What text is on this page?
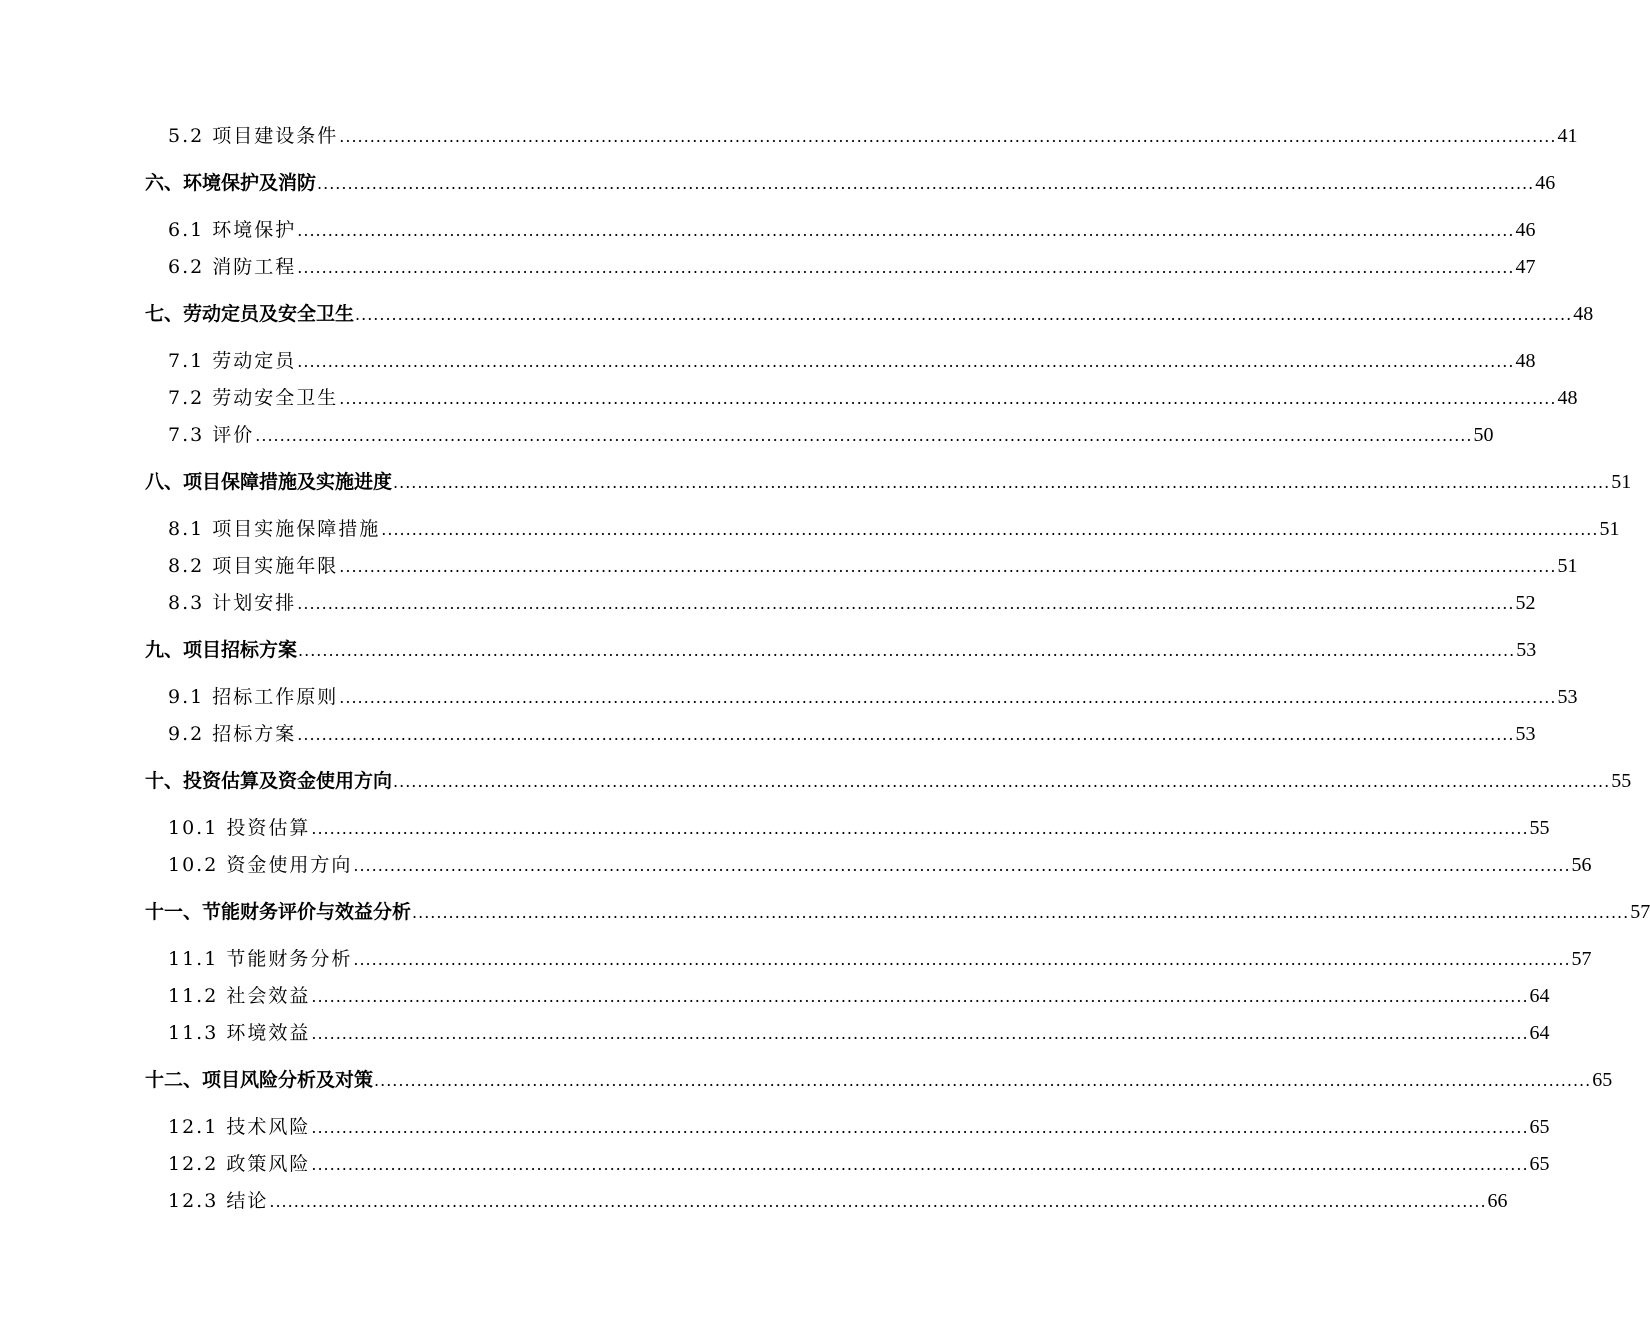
5.2 项目建设条件 ........................................................................................................................................................................................................ 41
六、环境保护及消防 ........................................................................................................................................................................................................ 46
6.1 环境保护 ........................................................................................................................................................................................................ 46
6.2 消防工程 ........................................................................................................................................................................................................ 47
七、劳动定员及安全卫生 ........................................................................................................................................................................................................ 48
7.1 劳动定员 ........................................................................................................................................................................................................ 48
7.2 劳动安全卫生 ........................................................................................................................................................................................................ 48
7.3 评价 ........................................................................................................................................................................................................ 50
八、项目保障措施及实施进度 ........................................................................................................................................................................................................ 51
8.1 项目实施保障措施 ........................................................................................................................................................................................................ 51
8.2 项目实施年限 ........................................................................................................................................................................................................ 51
8.3 计划安排 ........................................................................................................................................................................................................ 52
九、项目招标方案 ........................................................................................................................................................................................................ 53
9.1 招标工作原则 ........................................................................................................................................................................................................ 53
9.2 招标方案 ........................................................................................................................................................................................................ 53
十、投资估算及资金使用方向 ........................................................................................................................................................................................................ 55
10.1 投资估算 ........................................................................................................................................................................................................ 55
10.2 资金使用方向 ........................................................................................................................................................................................................ 56
十一、节能财务评价与效益分析 ........................................................................................................................................................................................................ 57
11.1 节能财务分析 ........................................................................................................................................................................................................ 57
11.2 社会效益 ........................................................................................................................................................................................................ 64
11.3 环境效益 ........................................................................................................................................................................................................ 64
十二、项目风险分析及对策 ........................................................................................................................................................................................................ 65
12.1 技术风险 ........................................................................................................................................................................................................ 65
12.2 政策风险 ........................................................................................................................................................................................................ 65
12.3 结论 ........................................................................................................................................................................................................ 66
